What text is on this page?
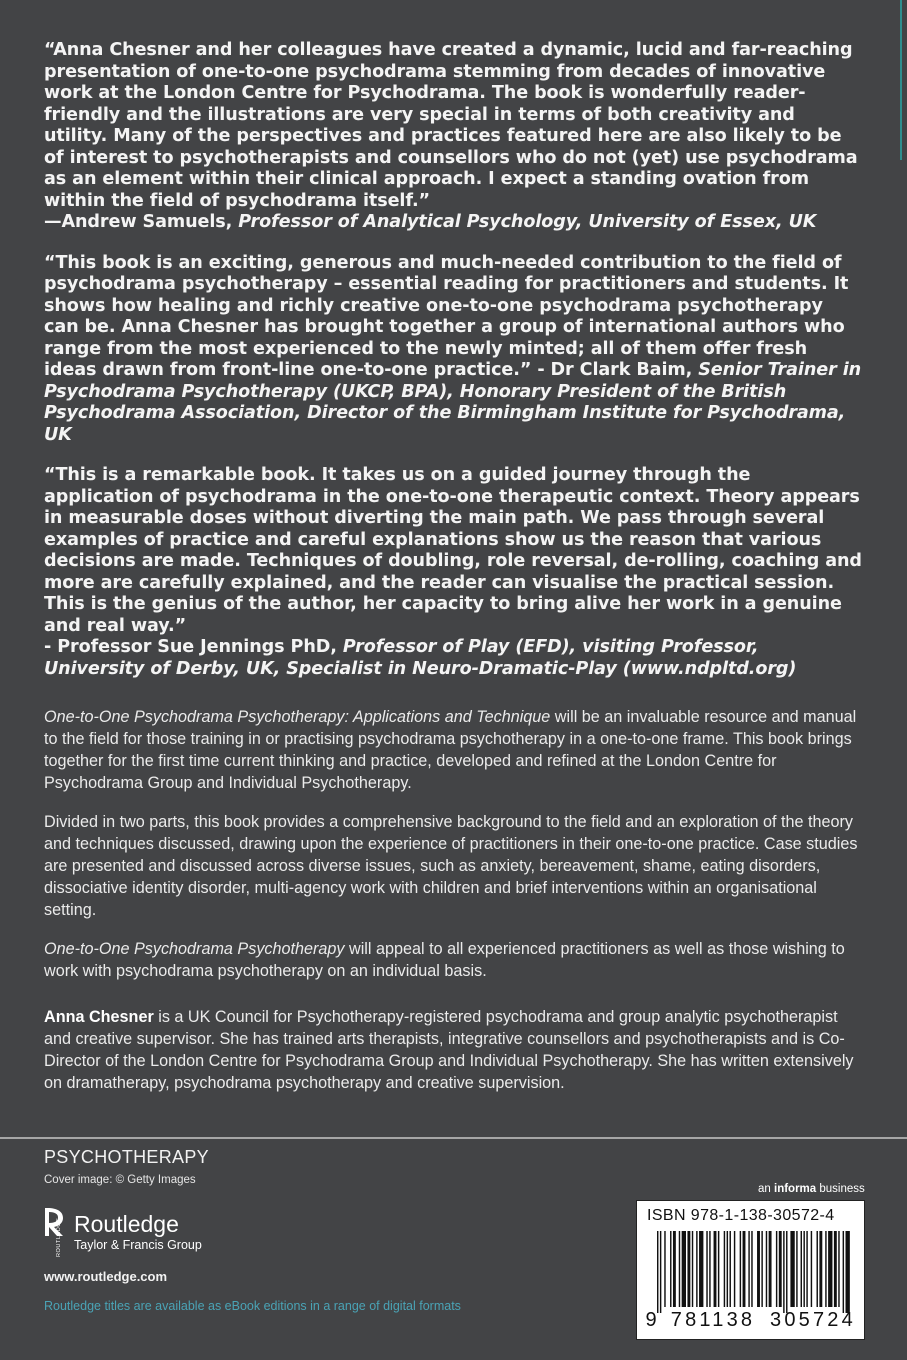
“Anna Chesner and her colleagues have created a dynamic, lucid and far-reaching presentation of one-to-one psychodrama stemming from decades of innovative work at the London Centre for Psychodrama. The book is wonderfully reader-friendly and the illustrations are very special in terms of both creativity and utility. Many of the perspectives and practices featured here are also likely to be of interest to psychotherapists and counsellors who do not (yet) use psychodrama as an element within their clinical approach. I expect a standing ovation from within the field of psychodrama itself.”
—Andrew Samuels, Professor of Analytical Psychology, University of Essex, UK

“This book is an exciting, generous and much-needed contribution to the field of psychodrama psychotherapy – essential reading for practitioners and students. It shows how healing and richly creative one-to-one psychodrama psychotherapy can be. Anna Chesner has brought together a group of international authors who range from the most experienced to the newly minted; all of them offer fresh ideas drawn from front-line one-to-one practice.” - Dr Clark Baim, Senior Trainer in Psychodrama Psychotherapy (UKCP, BPA), Honorary President of the British Psychodrama Association, Director of the Birmingham Institute for Psychodrama, UK

“This is a remarkable book. It takes us on a guided journey through the application of psychodrama in the one-to-one therapeutic context. Theory appears in measurable doses without diverting the main path. We pass through several examples of practice and careful explanations show us the reason that various decisions are made. Techniques of doubling, role reversal, de-rolling, coaching and more are carefully explained, and the reader can visualise the practical session. This is the genius of the author, her capacity to bring alive her work in a genuine and real way.”
- Professor Sue Jennings PhD, Professor of Play (EFD), visiting Professor, University of Derby, UK, Specialist in Neuro-Dramatic-Play (www.ndpltd.org)

One-to-One Psychodrama Psychotherapy: Applications and Technique will be an invaluable resource and manual to the field for those training in or practising psychodrama psychotherapy in a one-to-one frame. This book brings together for the first time current thinking and practice, developed and refined at the London Centre for Psychodrama Group and Individual Psychotherapy.

Divided in two parts, this book provides a comprehensive background to the field and an exploration of the theory and techniques discussed, drawing upon the experience of practitioners in their one-to-one practice. Case studies are presented and discussed across diverse issues, such as anxiety, bereavement, shame, eating disorders, dissociative identity disorder, multi-agency work with children and brief interventions within an organisational setting.

One-to-One Psychodrama Psychotherapy will appeal to all experienced practitioners as well as those wishing to work with psychodrama psychotherapy on an individual basis.

Anna Chesner is a UK Council for Psychotherapy-registered psychodrama and group analytic psychotherapist and creative supervisor. She has trained arts therapists, integrative counsellors and psychotherapists and is Co-Director of the London Centre for Psychodrama Group and Individual Psychotherapy. She has written extensively on dramatherapy, psychodrama psychotherapy and creative supervision.

PSYCHOTHERAPY
Cover image: © Getty Images
ROUTLEDGE Routledge
Taylor & Francis Group
www.routledge.com
Routledge titles are available as eBook editions in a range of digital formats
an informa business
ISBN 978-1-138-30572-4
9 781138 305724
